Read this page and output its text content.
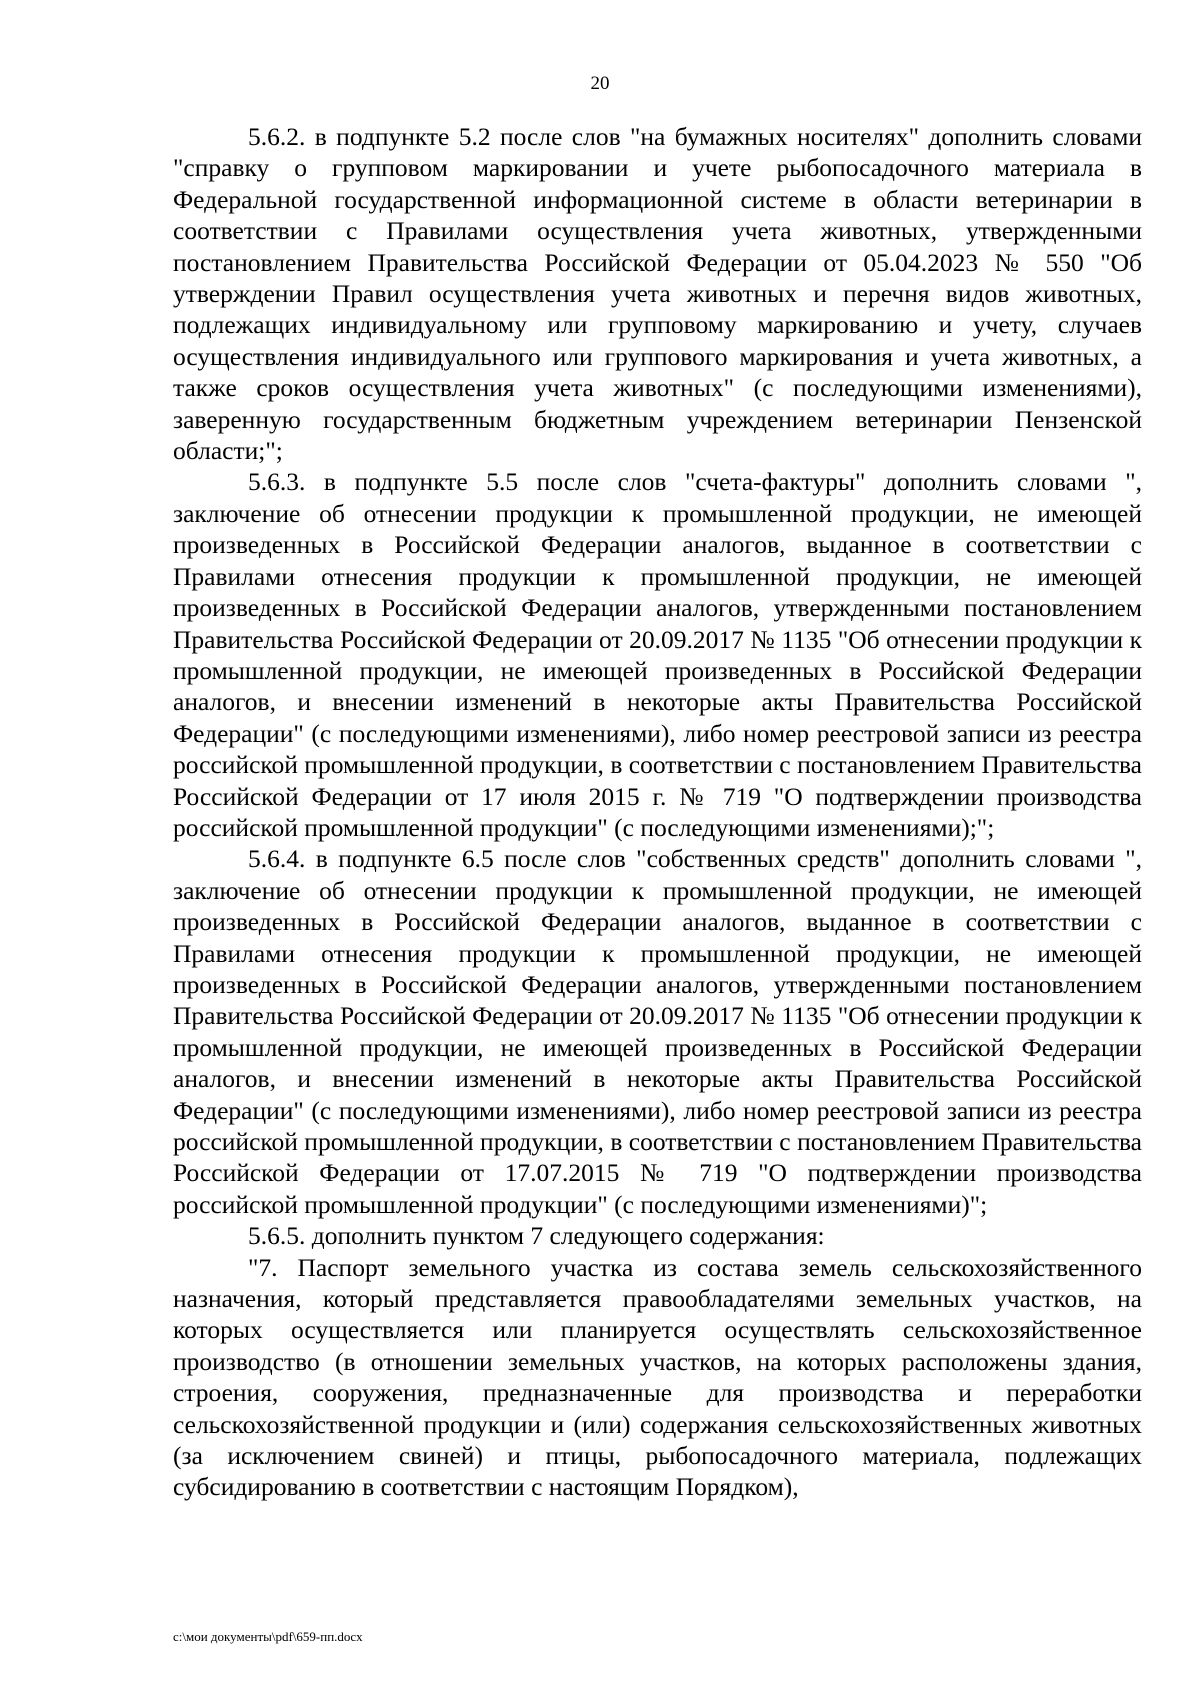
20

5.6.2. в подпункте 5.2 после слов "на бумажных носителях" дополнить словами "справку о групповом маркировании и учете рыбопосадочного материала в Федеральной государственной информационной системе в области ветеринарии в соответствии с Правилами осуществления учета животных, утвержденными постановлением Правительства Российской Федерации от 05.04.2023 № 550 "Об утверждении Правил осуществления учета животных и перечня видов животных, подлежащих индивидуальному или групповому маркированию и учету, случаев осуществления индивидуального или группового маркирования и учета животных, а также сроков осуществления учета животных" (с последующими изменениями), заверенную государственным бюджетным учреждением ветеринарии Пензенской области;";

5.6.3. в подпункте 5.5 после слов "счета-фактуры" дополнить словами ", заключение об отнесении продукции к промышленной продукции, не имеющей произведенных в Российской Федерации аналогов, выданное в соответствии с Правилами отнесения продукции к промышленной продукции, не имеющей произведенных в Российской Федерации аналогов, утвержденными постановлением Правительства Российской Федерации от 20.09.2017 № 1135 "Об отнесении продукции к промышленной продукции, не имеющей произведенных в Российской Федерации аналогов, и внесении изменений в некоторые акты Правительства Российской Федерации" (с последующими изменениями), либо номер реестровой записи из реестра российской промышленной продукции, в соответствии с постановлением Правительства Российской Федерации от 17 июля 2015 г. № 719 "О подтверждении производства российской промышленной продукции" (с последующими изменениями);";

5.6.4. в подпункте 6.5 после слов "собственных средств" дополнить словами ", заключение об отнесении продукции к промышленной продукции, не имеющей произведенных в Российской Федерации аналогов, выданное в соответствии с Правилами отнесения продукции к промышленной продукции, не имеющей произведенных в Российской Федерации аналогов, утвержденными постановлением Правительства Российской Федерации от 20.09.2017 № 1135 "Об отнесении продукции к промышленной продукции, не имеющей произведенных в Российской Федерации аналогов, и внесении изменений в некоторые акты Правительства Российской Федерации" (с последующими изменениями), либо номер реестровой записи из реестра российской промышленной продукции, в соответствии с постановлением Правительства Российской Федерации от 17.07.2015 № 719 "О подтверждении производства российской промышленной продукции" (с последующими изменениями)";

5.6.5. дополнить пунктом 7 следующего содержания:

"7. Паспорт земельного участка из состава земель сельскохозяйственного назначения, который представляется правообладателями земельных участков, на которых осуществляется или планируется осуществлять сельскохозяйственное производство (в отношении земельных участков, на которых расположены здания, строения, сооружения, предназначенные для производства и переработки сельскохозяйственной продукции и (или) содержания сельскохозяйственных животных (за исключением свиней) и птицы, рыбопосадочного материала, подлежащих субсидированию в соответствии с настоящим Порядком),

c:\мои документы\pdf\659-пп.docx
